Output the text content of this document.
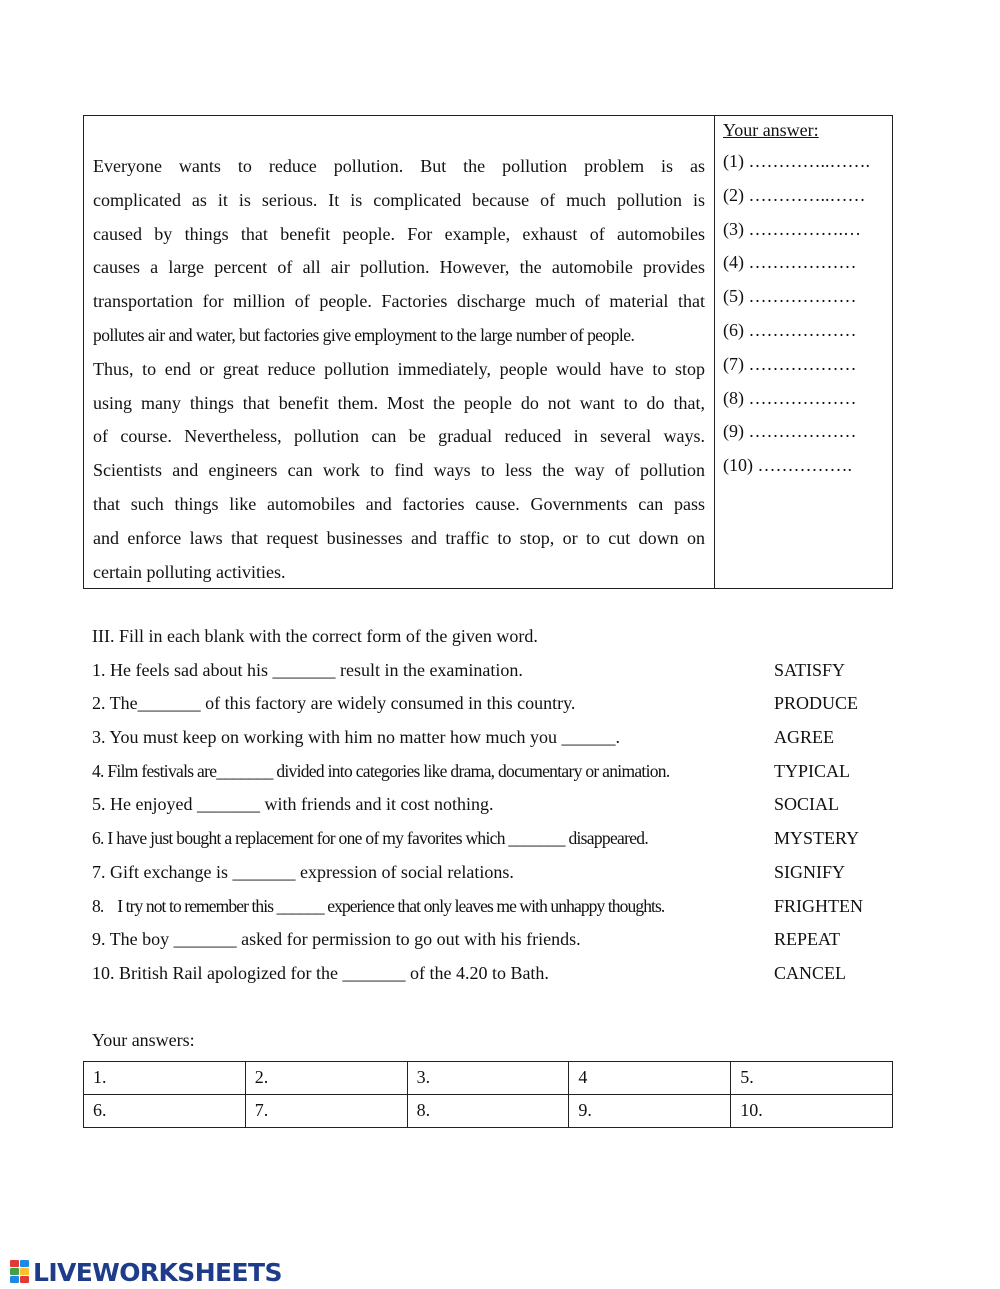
Everyone wants to reduce pollution. But the pollution problem is as
complicated as it is serious. It is complicated because of much pollution is
caused by things that benefit people. For example, exhaust of automobiles
causes a large percent of all air pollution. However, the automobile provides
transportation for million of people. Factories discharge much of material that
pollutes air and water, but factories give employment to the large number of people.
Thus, to end or great reduce pollution immediately, people would have to stop
using many things that benefit them. Most the people do not want to do that,
of course. Nevertheless, pollution can be gradual reduced in several ways.
Scientists and engineers can work to find ways to less the way of pollution
that such things like automobiles and factories cause. Governments can pass
and enforce laws that request businesses and traffic to stop, or to cut down on
certain polluting activities.
Your answer:
(1) …………..…….
(2) …………..……
(3) …………….…
(4) ………………
(5) ………………
(6) ………………
(7) ………………
(8) ………………
(9) ………………
(10) …………….
III. Fill in each blank with the correct form of the given word.
1. He feels sad about his _______ result in the examination.	SATISFY
2. The_______ of this factory are widely consumed in this country.	PRODUCE
3. You must keep on working with him no matter how much you ______.	AGREE
4. Film festivals are_______ divided into categories like drama, documentary or animation.	TYPICAL
5. He enjoyed _______ with friends and it cost nothing.	SOCIAL
6. I have just bought a replacement for one of my favorites which _______ disappeared.	MYSTERY
7. Gift exchange is _______ expression of social relations.	SIGNIFY
8.    I try not to remember this ______ experience that only leaves me with unhappy thoughts.	FRIGHTEN
9. The boy _______ asked for permission to go out with his friends.	REPEAT
10. British Rail apologized for the _______ of the 4.20 to Bath.	CANCEL
Your answers:
1.	2.	3.	4	5.
6.	7.	8.	9.	10.
LIVEWORKSHEETS
